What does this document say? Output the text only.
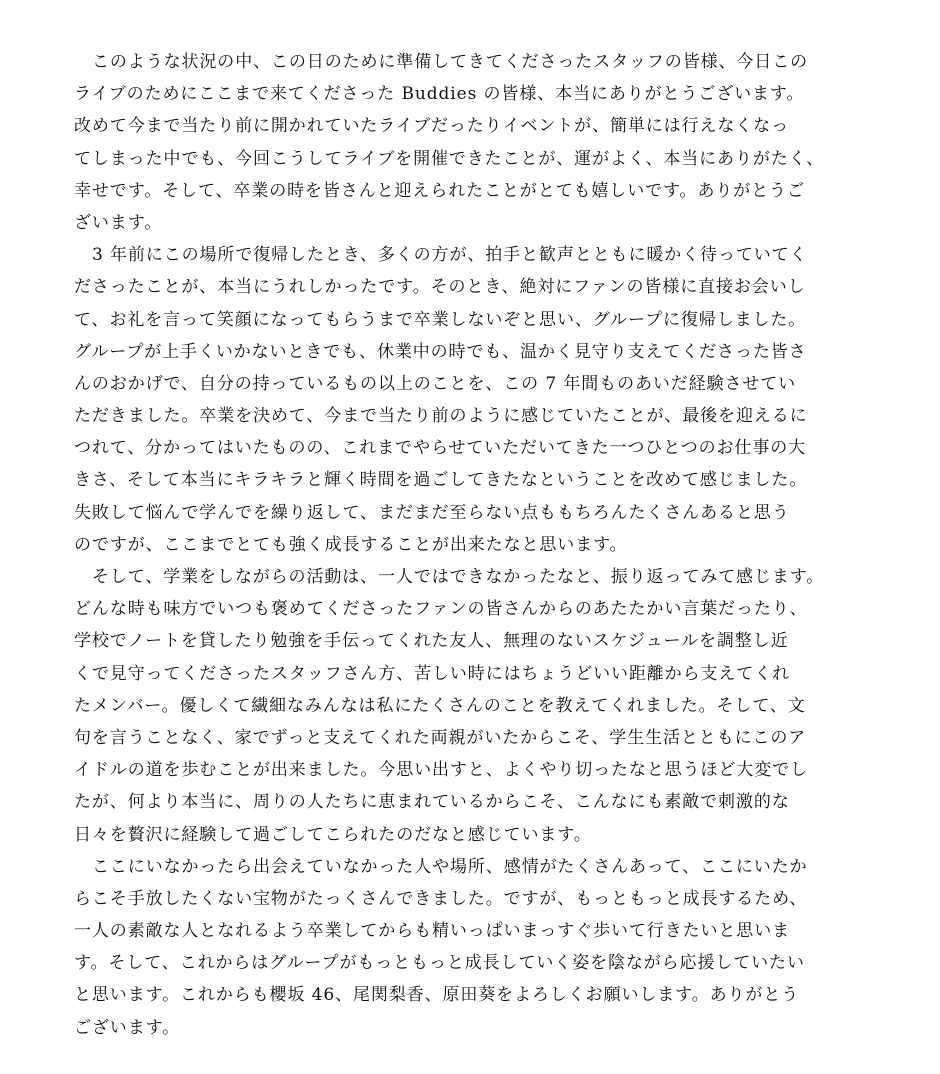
このような状況の中、この日のために準備してきてくださったスタッフの皆様、今日この
ライブのためにここまで来てくださった Buddies の皆様、本当にありがとうございます。
改めて今まで当たり前に開かれていたライブだったりイベントが、簡単には行えなくなっ
てしまった中でも、今回こうしてライブを開催できたことが、運がよく、本当にありがたく、
幸せです。そして、卒業の時を皆さんと迎えられたことがとても嬉しいです。ありがとうご
ざいます。

3 年前にこの場所で復帰したとき、多くの方が、拍手と歓声とともに暖かく待っていてく
ださったことが、本当にうれしかったです。そのとき、絶対にファンの皆様に直接お会いし
て、お礼を言って笑顔になってもらうまで卒業しないぞと思い、グループに復帰しました。
グループが上手くいかないときでも、休業中の時でも、温かく見守り支えてくださった皆さ
んのおかげで、自分の持っているもの以上のことを、この 7 年間ものあいだ経験させてい
ただきました。卒業を決めて、今まで当たり前のように感じていたことが、最後を迎えるに
つれて、分かってはいたものの、これまでやらせていただいてきた一つひとつのお仕事の大
きさ、そして本当にキラキラと輝く時間を過ごしてきたなということを改めて感じました。
失敗して悩んで学んでを繰り返して、まだまだ至らない点ももちろんたくさんあると思う
のですが、ここまでとても強く成長することが出来たなと思います。

そして、学業をしながらの活動は、一人ではできなかったなと、振り返ってみて感じます。
どんな時も味方でいつも褒めてくださったファンの皆さんからのあたたかい言葉だったり、
学校でノートを貸したり勉強を手伝ってくれた友人、無理のないスケジュールを調整し近
くで見守ってくださったスタッフさん方、苦しい時にはちょうどいい距離から支えてくれ
たメンバー。優しくて繊細なみんなは私にたくさんのことを教えてくれました。そして、文
句を言うことなく、家でずっと支えてくれた両親がいたからこそ、学生生活とともにこのア
イドルの道を歩むことが出来ました。今思い出すと、よくやり切ったなと思うほど大変でし
たが、何より本当に、周りの人たちに恵まれているからこそ、こんなにも素敵で刺激的な
日々を贅沢に経験して過ごしてこられたのだなと感じています。

ここにいなかったら出会えていなかった人や場所、感情がたくさんあって、ここにいたか
らこそ手放したくない宝物がたっくさんできました。ですが、もっともっと成長するため、
一人の素敵な人となれるよう卒業してからも精いっぱいまっすぐ歩いて行きたいと思いま
す。そして、これからはグループがもっともっと成長していく姿を陰ながら応援していたい
と思います。これからも櫻坂 46、尾関梨香、原田葵をよろしくお願いします。ありがとう
ございます。
